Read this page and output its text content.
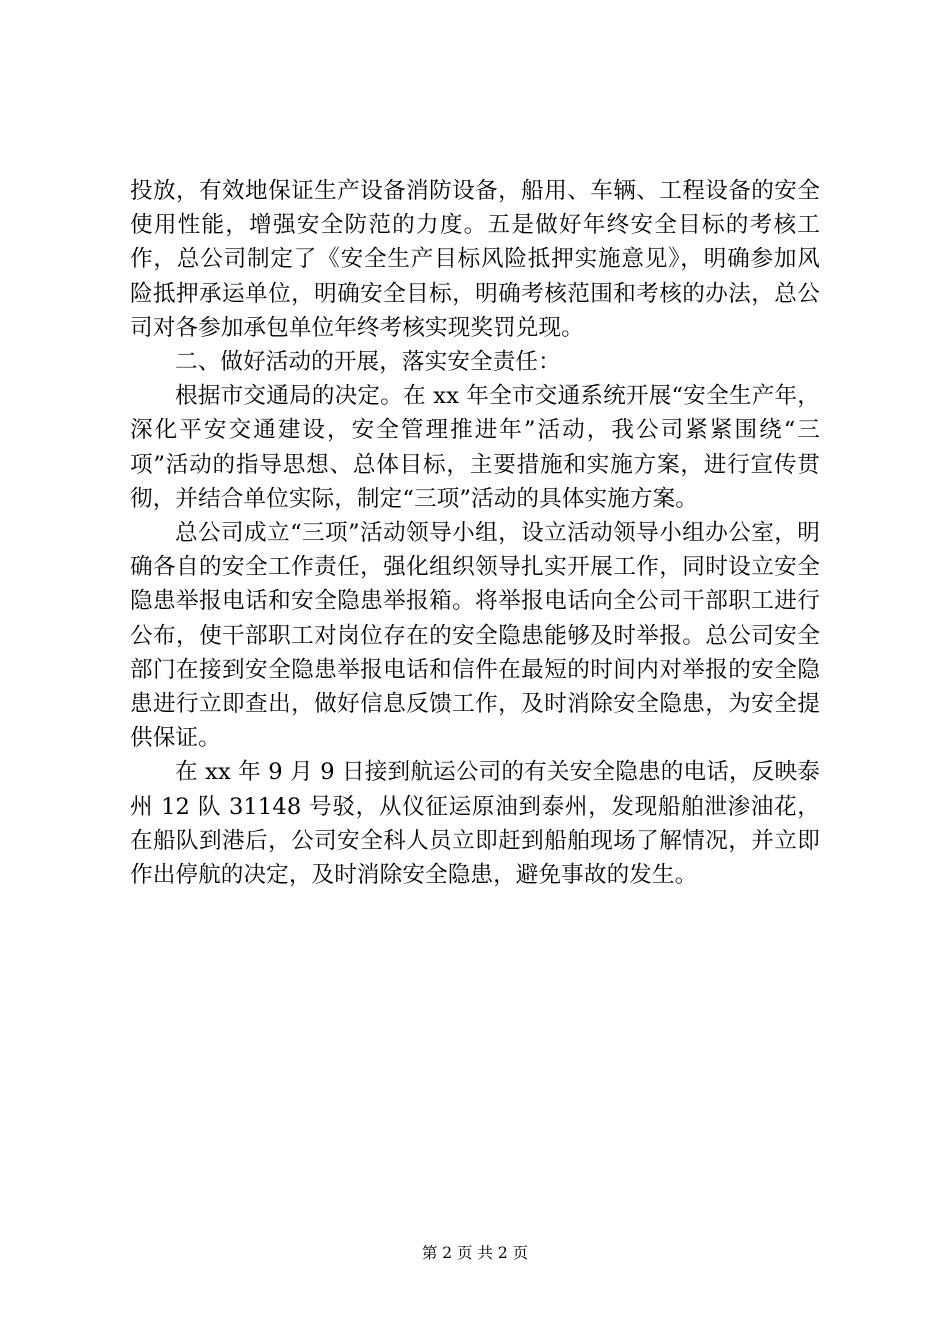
投放，有效地保证生产设备消防设备，船用、车辆、工程设备的安全使用性能，增强安全防范的力度。五是做好年终安全目标的考核工作，总公司制定了《安全生产目标风险抵押实施意见》，明确参加风险抵押承运单位，明确安全目标，明确考核范围和考核的办法，总公司对各参加承包单位年终考核实现奖罚兑现。

二、做好活动的开展，落实安全责任：

根据市交通局的决定。在 xx 年全市交通系统开展“安全生产年，深化平安交通建设，安全管理推进年”活动，我公司紧紧围绕“三项”活动的指导思想、总体目标，主要措施和实施方案，进行宣传贯彻，并结合单位实际，制定“三项”活动的具体实施方案。

总公司成立“三项”活动领导小组，设立活动领导小组办公室，明确各自的安全工作责任，强化组织领导扎实开展工作，同时设立安全隐患举报电话和安全隐患举报箱。将举报电话向全公司干部职工进行公布，使干部职工对岗位存在的安全隐患能够及时举报。总公司安全部门在接到安全隐患举报电话和信件在最短的时间内对举报的安全隐患进行立即查出，做好信息反馈工作，及时消除安全隐患，为安全提供保证。

在 xx 年 9 月 9 日接到航运公司的有关安全隐患的电话，反映泰州 12 队 31148 号驳，从仪征运原油到泰州，发现船舶泄渗油花，在船队到港后，公司安全科人员立即赶到船舶现场了解情况，并立即作出停航的决定，及时消除安全隐患，避免事故的发生。

第 2 页 共 2 页
